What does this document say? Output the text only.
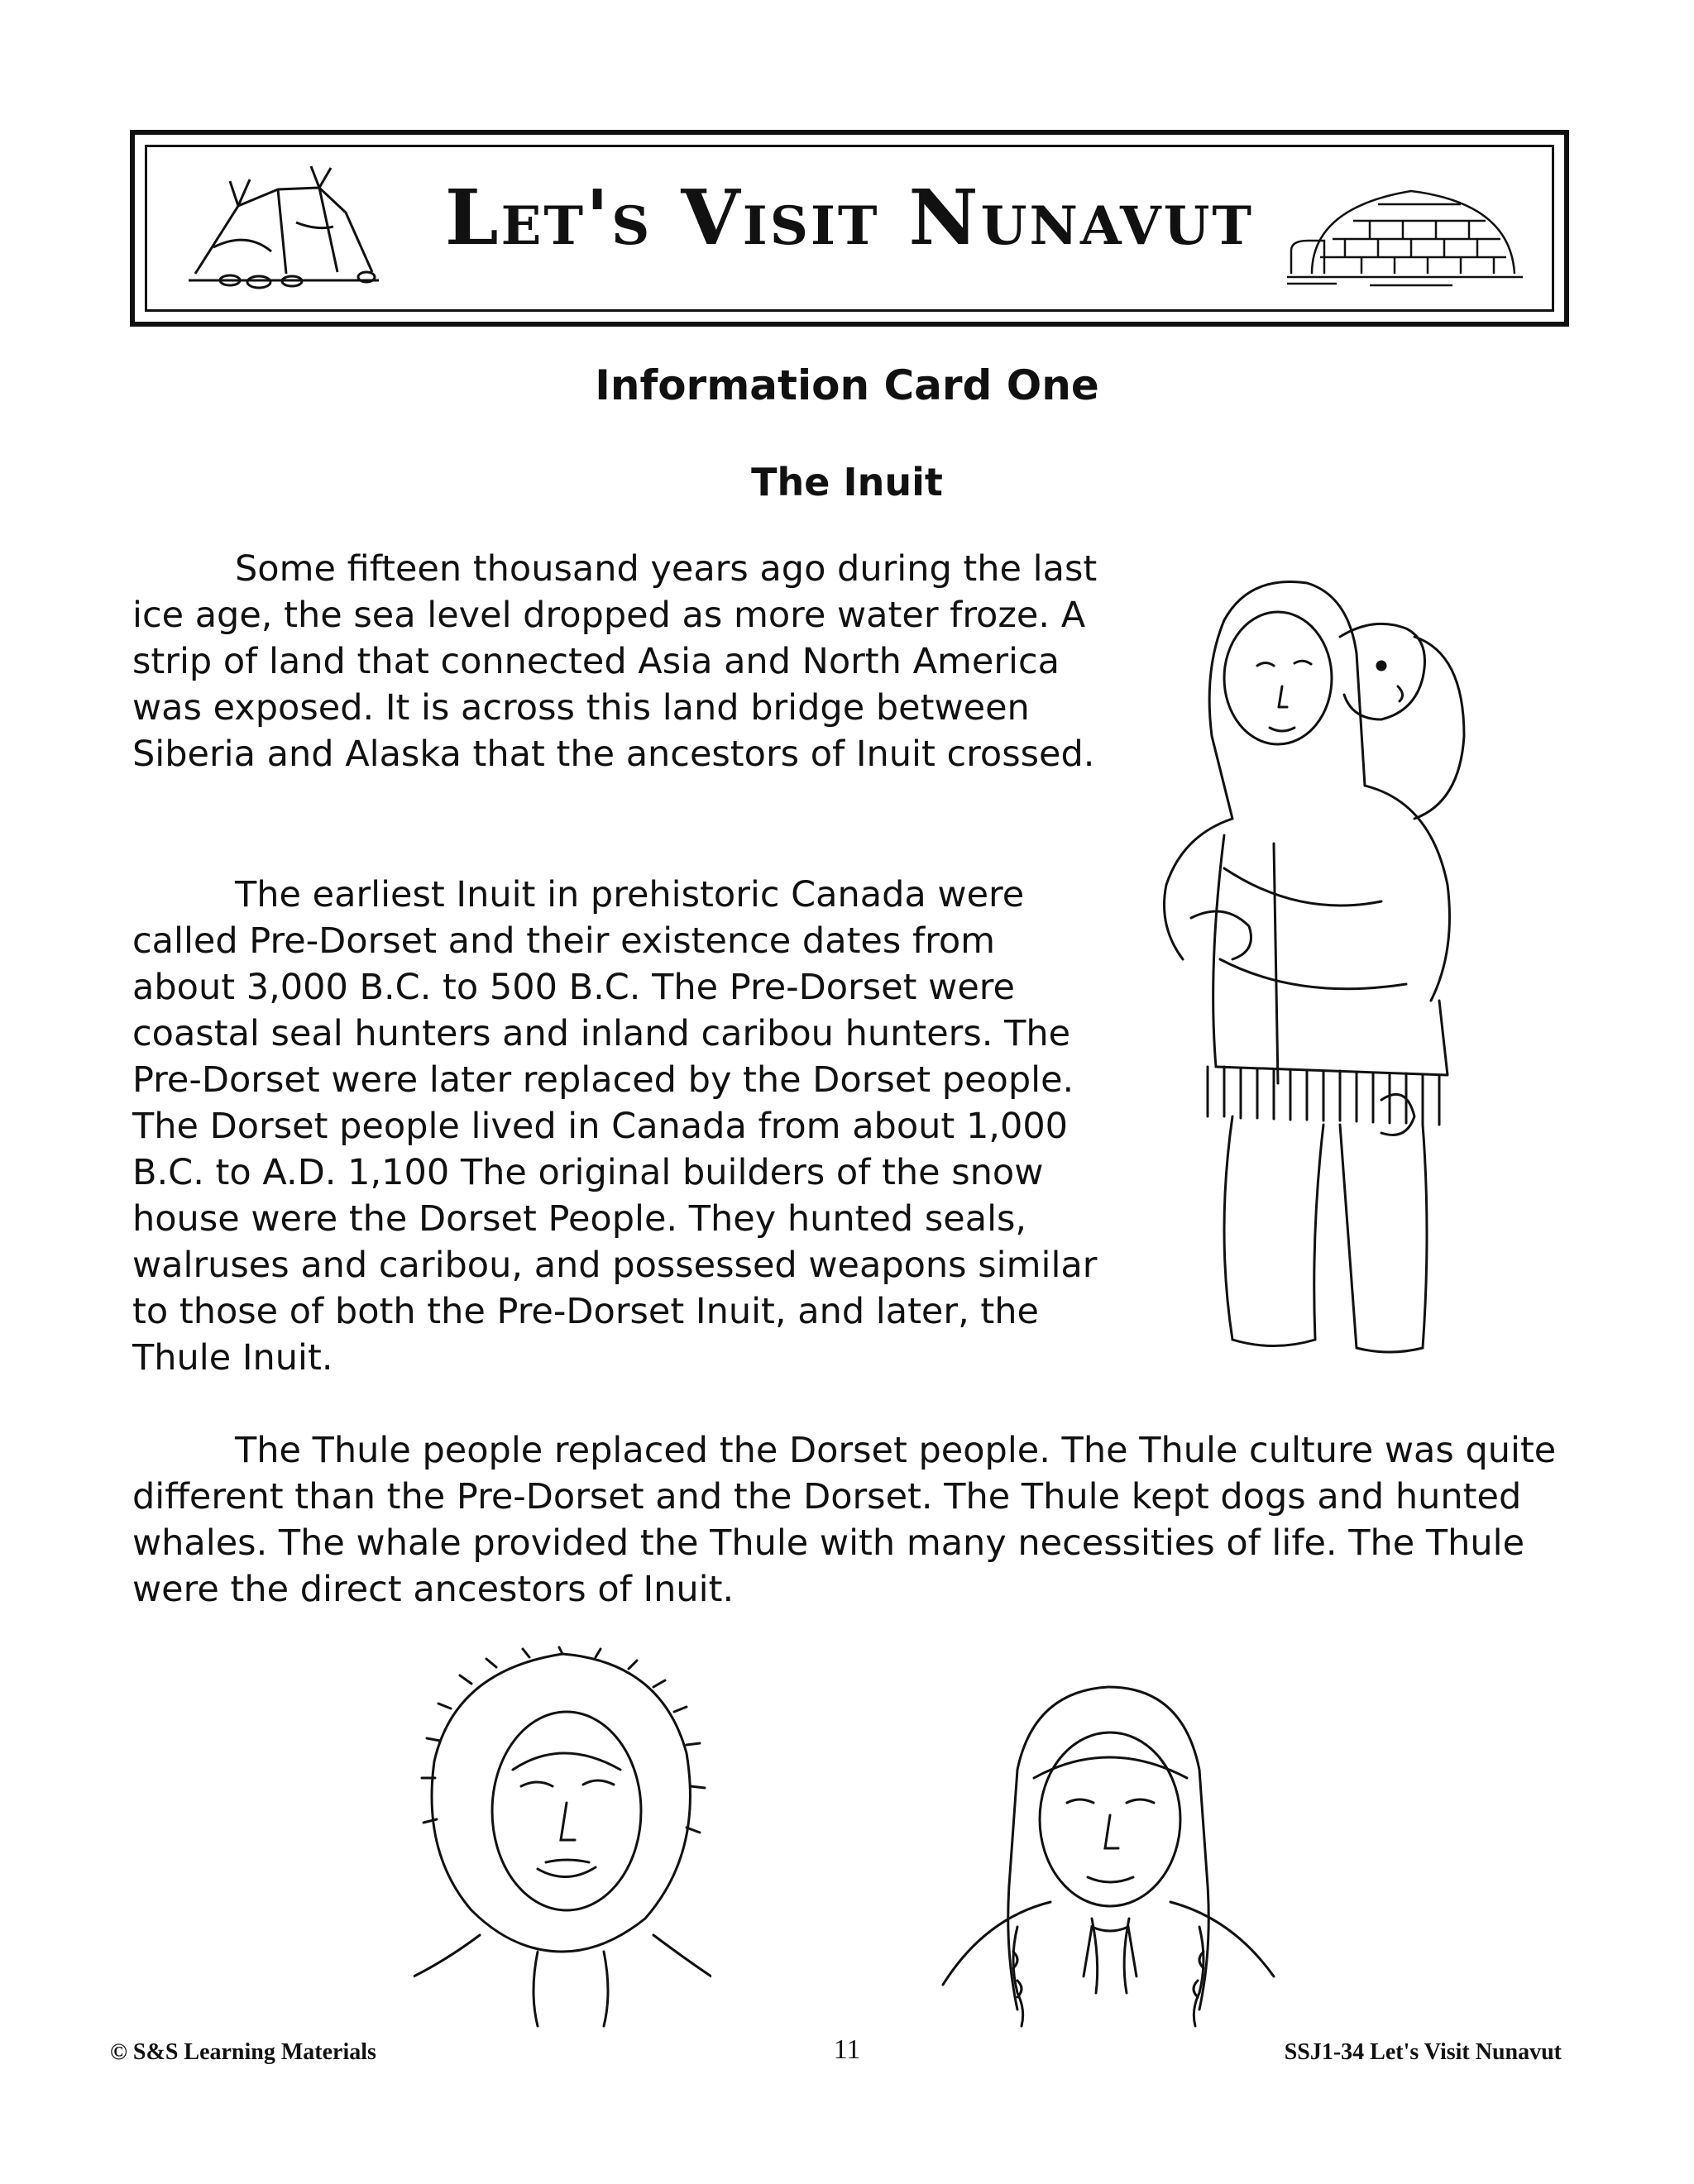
Let's Visit Nunavut
Information Card One
The Inuit

Some fifteen thousand years ago during the last ice age, the sea level dropped as more water froze. A strip of land that connected Asia and North America was exposed. It is across this land bridge between Siberia and Alaska that the ancestors of Inuit crossed.

The earliest Inuit in prehistoric Canada were called Pre-Dorset and their existence dates from about 3,000 B.C. to 500 B.C. The Pre-Dorset were coastal seal hunters and inland caribou hunters. The Pre-Dorset were later replaced by the Dorset people. The Dorset people lived in Canada from about 1,000 B.C. to A.D. 1,100 The original builders of the snow house were the Dorset People. They hunted seals, walruses and caribou, and possessed weapons similar to those of both the Pre-Dorset Inuit, and later, the Thule Inuit.

The Thule people replaced the Dorset people. The Thule culture was quite different than the Pre-Dorset and the Dorset. The Thule kept dogs and hunted whales. The whale provided the Thule with many necessities of life. The Thule were the direct ancestors of Inuit.

© S&S Learning Materials	11	SSJ1-34 Let's Visit Nunavut
